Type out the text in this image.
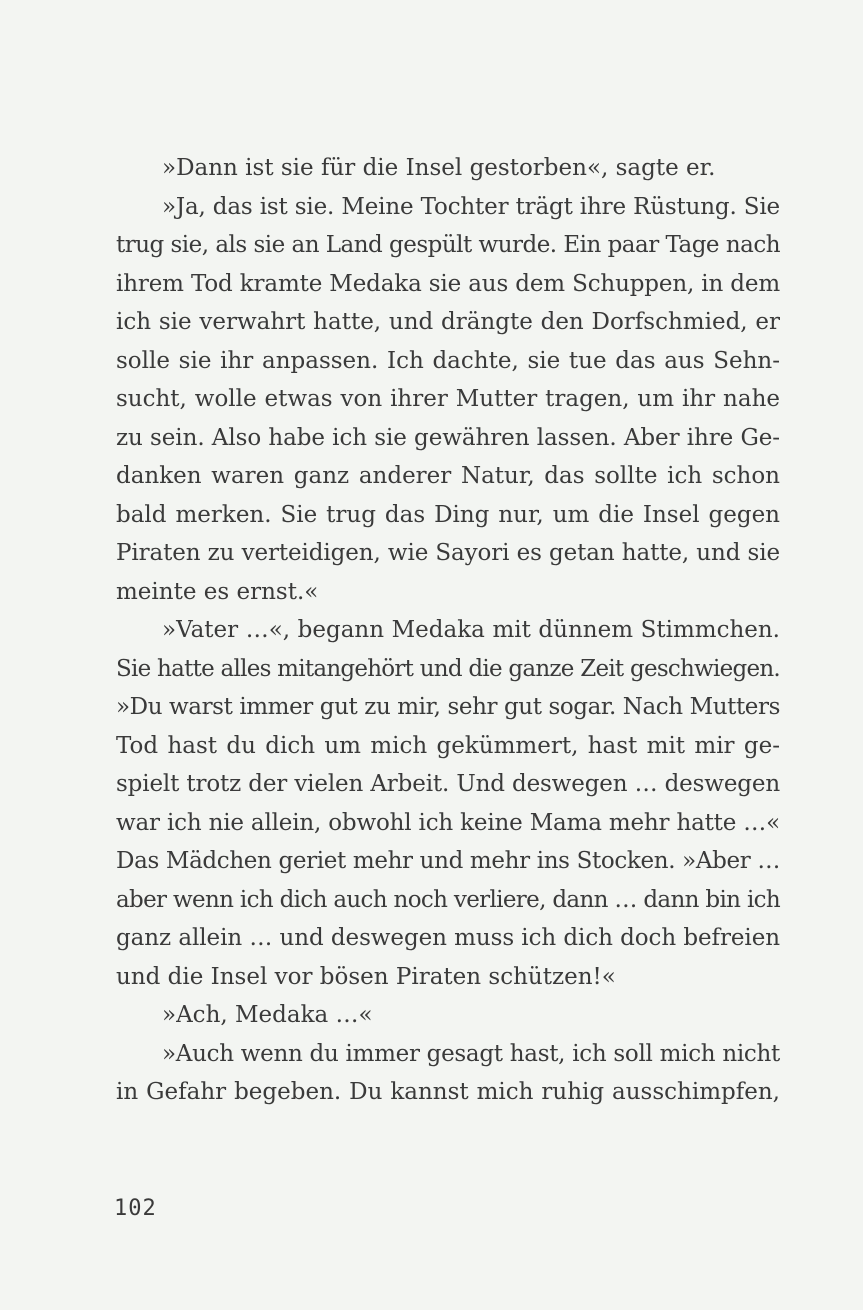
»Dann ist sie für die Insel gestorben«, sagte er.
»Ja, das ist sie. Meine Tochter trägt ihre Rüstung. Sie
trug sie, als sie an Land gespült wurde. Ein paar Tage nach
ihrem Tod kramte Medaka sie aus dem Schuppen, in dem
ich sie verwahrt hatte, und drängte den Dorfschmied, er
solle sie ihr anpassen. Ich dachte, sie tue das aus Sehn-
sucht, wolle etwas von ihrer Mutter tragen, um ihr nahe
zu sein. Also habe ich sie gewähren lassen. Aber ihre Ge-
danken waren ganz anderer Natur, das sollte ich schon
bald merken. Sie trug das Ding nur, um die Insel gegen
Piraten zu verteidigen, wie Sayori es getan hatte, und sie
meinte es ernst.«
»Vater …«, begann Medaka mit dünnem Stimmchen.
Sie hatte alles mitangehört und die ganze Zeit geschwiegen.
»Du warst immer gut zu mir, sehr gut sogar. Nach Mutters
Tod hast du dich um mich gekümmert, hast mit mir ge-
spielt trotz der vielen Arbeit. Und deswegen … deswegen
war ich nie allein, obwohl ich keine Mama mehr hatte …«
Das Mädchen geriet mehr und mehr ins Stocken. »Aber …
aber wenn ich dich auch noch verliere, dann … dann bin ich
ganz allein … und deswegen muss ich dich doch befreien
und die Insel vor bösen Piraten schützen!«
»Ach, Medaka …«
»Auch wenn du immer gesagt hast, ich soll mich nicht
in Gefahr begeben. Du kannst mich ruhig ausschimpfen,
102
